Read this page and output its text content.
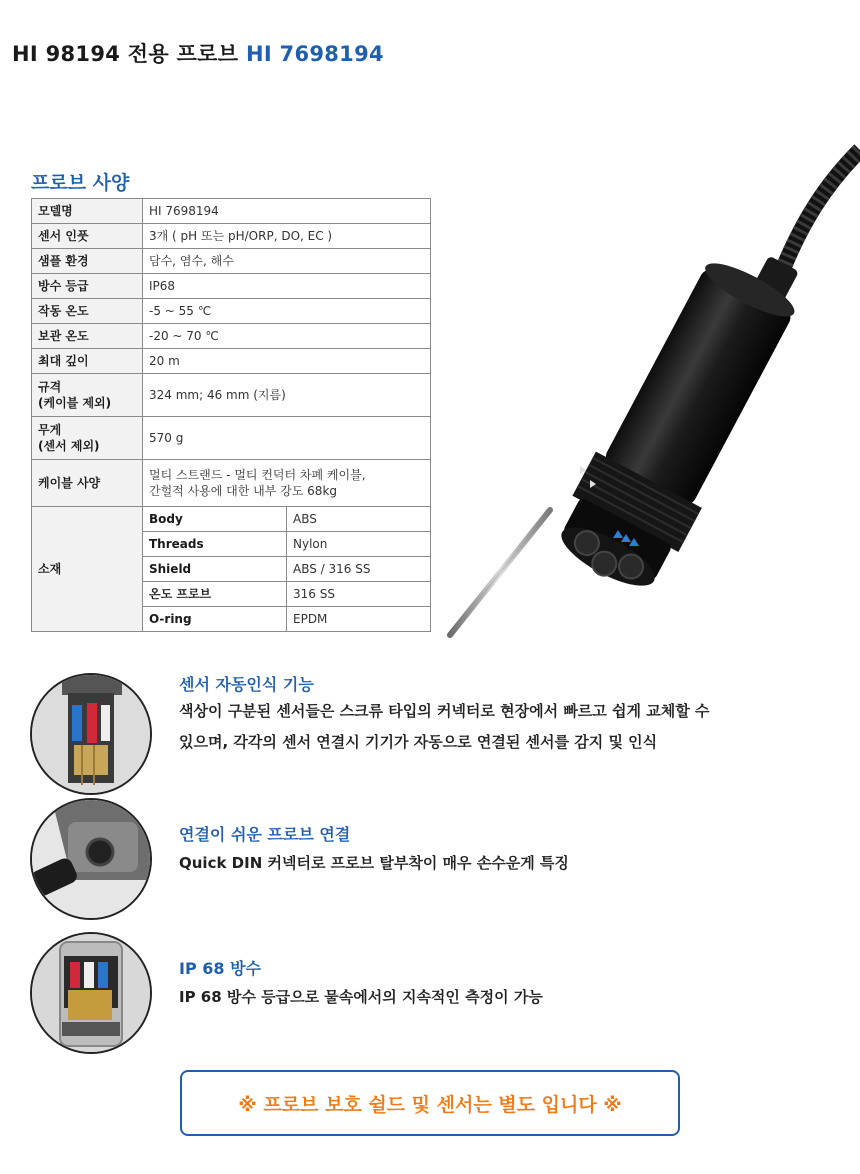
HI 98194 전용 프로브 HI 7698194
프로브 사양
모델명	HI 7698194	
센서 인풋	3개 ( pH 또는 pH/ORP, DO, EC )	
샘플 환경	담수, 염수, 해수	
방수 등급	IP68	
작동 온도	-5 ~ 55 ℃	
보관 온도	-20 ~ 70 ℃	
최대 깊이	20 m	

규격
(케이블 제외)	324 mm; 46 mm (지름)	

무게
(센서 제외)	570 g	
케이블 사양	멀티 스트랜드 - 멀티 컨덕터 차폐 케이블,
간헐적 사용에 대한 내부 강도 68kg	

소재	Body	ABS
	Threads	Nylon
	Shield	ABS / 316 SS
	온도 프로브	316 SS
	O-ring	EPDM
센서 자동인식 기능
색상이 구분된 센서들은 스크류 타입의 커넥터로 현장에서 빠르고 쉽게 교체할 수
있으며, 각각의 센서 연결시 기기가 자동으로 연결된 센서를 감지 및 인식
연결이 쉬운 프로브 연결
Quick DIN 커넥터로 프로브 탈부착이 매우 손수운게 특징
IP 68 방수
IP 68 방수 등급으로 물속에서의 지속적인 측정이 가능
※ 프로브 보호 쉴드 및 센서는 별도 입니다 ※
